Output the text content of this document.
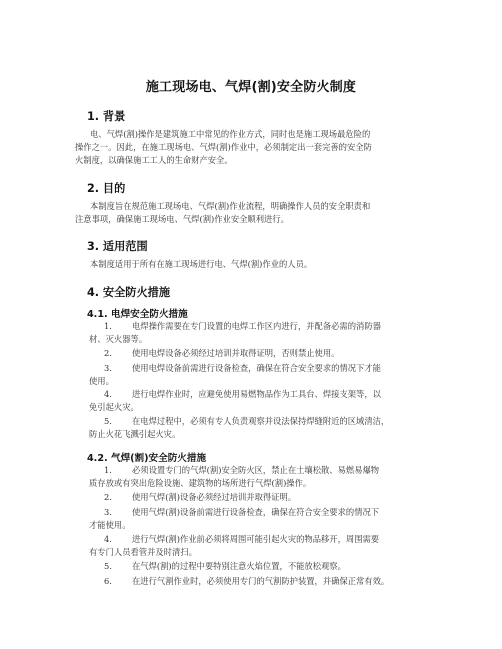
施工现场电、气焊(割)安全防火制度
1. 背景
电、气焊(割)操作是建筑施工中常见的作业方式，同时也是施工现场最危险的
操作之一。因此，在施工现场电、气焊(割)作业中，必须制定出一套完善的安全防
火制度，以确保施工工人的生命财产安全。
2. 目的
本制度旨在规范施工现场电、气焊(割)作业流程，明确操作人员的安全职责和
注意事项，确保施工现场电、气焊(割)作业安全顺利进行。
3. 适用范围
本制度适用于所有在施工现场进行电、气焊(割)作业的人员。
4. 安全防火措施
4.1. 电焊安全防火措施
1. 电焊操作需要在专门设置的电焊工作区内进行，并配备必需的消防器
材、灭火器等。
2. 使用电焊设备必须经过培训并取得证明，否则禁止使用。
3. 使用电焊设备前需进行设备检查，确保在符合安全要求的情况下才能
使用。
4. 进行电焊作业时，应避免使用易燃物品作为工具台、焊接支架等，以
免引起火灾。
5. 在电焊过程中，必须有专人负责观察并设法保持焊缝附近的区域清洁，
防止火花飞溅引起火灾。
4.2. 气焊(割)安全防火措施
1. 必须设置专门的气焊(割)安全防火区，禁止在土壤松散、易燃易爆物
质存放或有突出危险设施、建筑物的场所进行气焊(割)操作。
2. 使用气焊(割)设备必须经过培训并取得证明。
3. 使用气焊(割)设备前需进行设备检查，确保在符合安全要求的情况下
才能使用。
4. 进行气焊(割)作业前必须将周围可能引起火灾的物品移开，周围需要
有专门人员看管并及时清扫。
5. 在气焊(割)的过程中要特别注意火焰位置，不能放松观察。
6. 在进行气割作业时，必须使用专门的气割防护装置，并确保正常有效。
